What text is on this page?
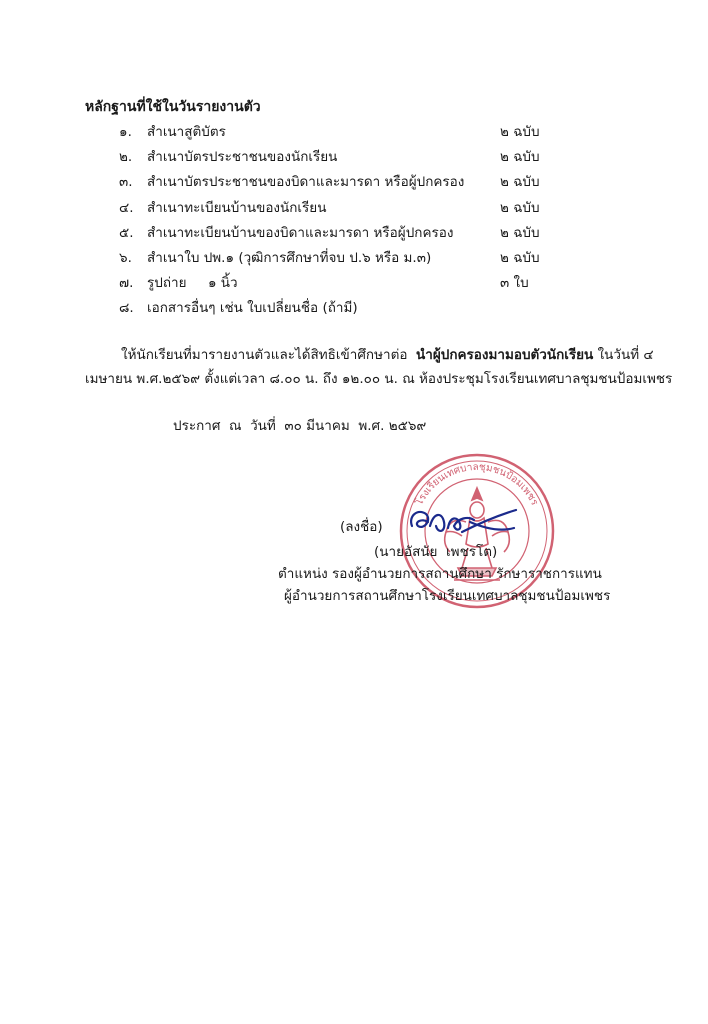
หลักฐานที่ใช้ในวันรายงานตัว
๑.	สำเนาสูติบัตร	๒ ฉบับ
๒.	สำเนาบัตรประชาชนของนักเรียน	๒ ฉบับ
๓.	สำเนาบัตรประชาชนของบิดาและมารดา หรือผู้ปกครอง	๒ ฉบับ
๔. สำเนาทะเบียนบ้านของนักเรียน	๒ ฉบับ
๕. สำเนาทะเบียนบ้านของบิดาและมารดา หรือผู้ปกครอง	๒ ฉบับ
๖.	สำเนาใบ ปพ.๑ (วุฒิการศึกษาที่จบ ป.๖ หรือ ม.๓)	๒ ฉบับ
๗.	รูปถ่าย     ๑ นิ้ว	๓ ใบ
๘. เอกสารอื่นๆ เช่น ใบเปลี่ยนชื่อ (ถ้ามี)
ให้นักเรียนที่มารายงานตัวและได้สิทธิเข้าศึกษาต่อ  นำผู้ปกครองมามอบตัวนักเรียน ในวันที่ ๔
เมษายน พ.ศ.๒๕๖๙ ตั้งแต่เวลา ๘.๐๐ น. ถึง ๑๒.๐๐ น. ณ ห้องประชุมโรงเรียนเทศบาลชุมชนป้อมเพชร
ประกาศ  ณ  วันที่  ๓๐ มีนาคม  พ.ศ. ๒๕๖๙
โรงเรียนเทศบาลชุมชนป้อมเพชร
(ลงชื่อ)
(นายอัสนัย  เพชรโต)
ตำแหน่ง รองผู้อำนวยการสถานศึกษา รักษาราชการแทน
ผู้อำนวยการสถานศึกษาโรงเรียนเทศบาลชุมชนป้อมเพชร
